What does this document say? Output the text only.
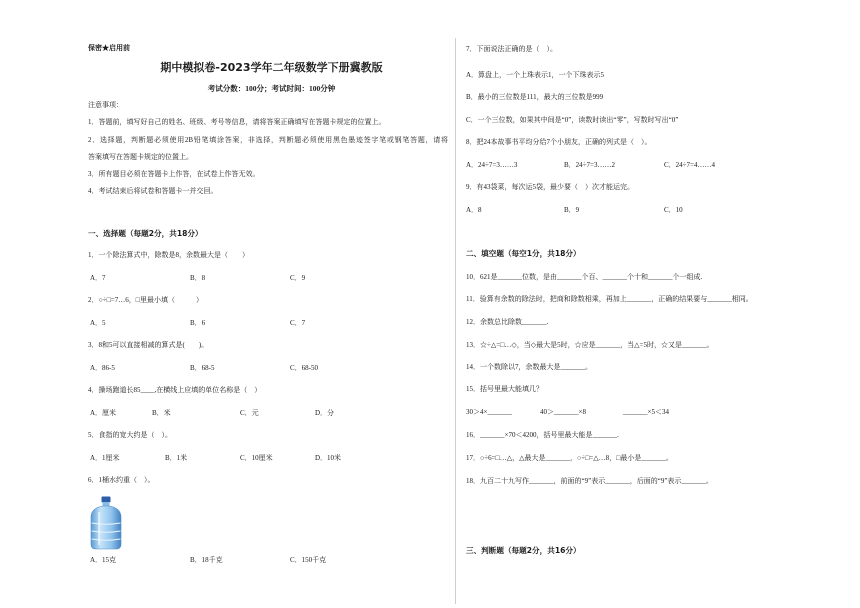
保密★启用前
期中模拟卷-2023学年二年级数学下册冀教版
考试分数：100分；考试时间：100分钟
注意事项：
1．答题前，填写好自己的姓名、班级、考号等信息，请将答案正确填写在答题卡规定的位置上。
2．选择题，判断题必须使用2B铅笔填涂答案，非选择，判断题必须使用黑色墨迹签字笔或钢笔答题，请将
答案填写在答题卡规定的位置上。
3．所有题目必须在答题卡上作答，在试卷上作答无效。
4．考试结束后将试卷和答题卡一并交回。
一、选择题（每题2分，共18分）
1．一个除法算式中，除数是8，余数最大是（　　）
A．7	B．8	C．9
2．○÷□=7…6，□里最小填（　　　）
A．5	B．6	C．7
3．8和5可以直接相减的算式是(　　)。
A．86-5	B．68-5	C．68-50
4．操场跑道长85____,在横线上应填的单位名称是（　）
A．厘米	B．米	C．元	D．分
5．食指的宽大约是（　）。
A．1厘米	B．1米	C．10厘米	D．10米
6．1桶水约重（　）。
A．15克	B．18千克	C．150千克
7．下面说法正确的是（　）。
A．算盘上，一个上珠表示1，一个下珠表示5
B．最小的三位数是111，最大的三位数是999
C．一个三位数，如果其中间是“0”，读数时读出“零”，写数时写出“0”
8．把24本故事书平均分给7个小朋友，正确的列式是（　）。
A．24÷7=3……3	B．24÷7=3……2	C．24÷7=4……4
9．有43袋菜，每次运5袋，最少要（　）次才能运完。
A．8	B．9	C．10
二、填空题（每空1分，共18分）
10．621是_______位数，是由_______个百、_______个十和_______个一组成.
11．验算有余数的除法时，把商和除数相乘，再加上_______，正确的结果要与_______相同。
12．余数总比除数_______.
13．☆÷△=□…◇，当◇最大是5时，☆应是_______，当△=5时，☆又是_______。
14．一个数除以7，余数最大是_______。
15．括号里最大能填几？
30＞4×_______	40＞_______×8	_______×5＜34
16．_______×70＜4200，括号里最大能是_______.
17．○÷6=□…△，△最大是_______，○÷□=△…8，□最小是_______。
18．九百二十九写作_______，前面的“9”表示_______，后面的“9”表示_______。
三、判断题（每题2分，共16分）
